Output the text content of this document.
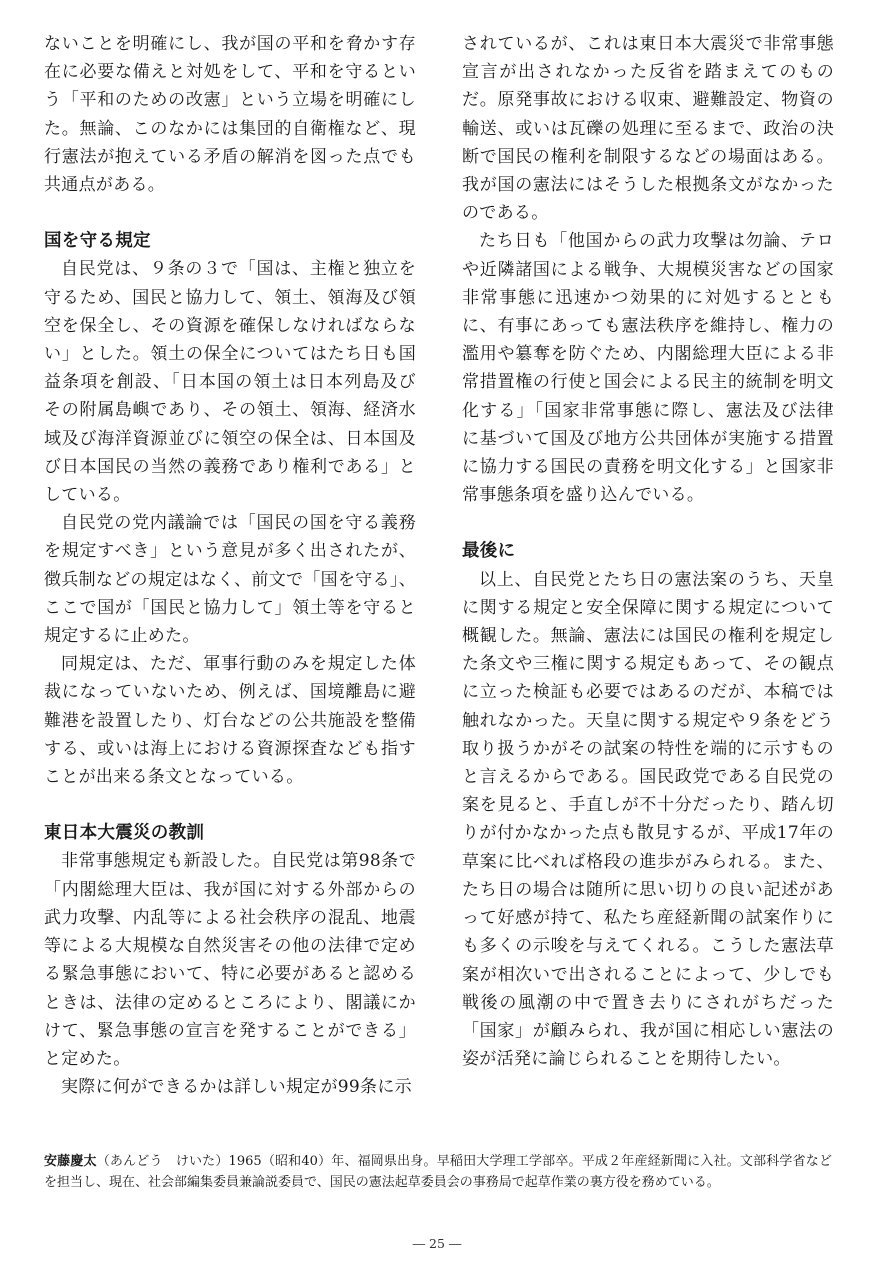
ないことを明確にし、我が国の平和を脅かす存在に必要な備えと対処をして、平和を守るという「平和のための改憲」という立場を明確にした。無論、このなかには集団的自衛権など、現行憲法が抱えている矛盾の解消を図った点でも共通点がある。

国を守る規定

自民党は、９条の３で「国は、主権と独立を守るため、国民と協力して、領土、領海及び領空を保全し、その資源を確保しなければならない」とした。領土の保全についてはたち日も国益条項を創設、「日本国の領土は日本列島及びその附属島嶼であり、その領土、領海、経済水域及び海洋資源並びに領空の保全は、日本国及び日本国民の当然の義務であり権利である」としている。

自民党の党内議論では「国民の国を守る義務を規定すべき」という意見が多く出されたが、徴兵制などの規定はなく、前文で「国を守る」、ここで国が「国民と協力して」領土等を守ると規定するに止めた。

同規定は、ただ、軍事行動のみを規定した体裁になっていないため、例えば、国境離島に避難港を設置したり、灯台などの公共施設を整備する、或いは海上における資源探査なども指すことが出来る条文となっている。

東日本大震災の教訓

非常事態規定も新設した。自民党は第98条で「内閣総理大臣は、我が国に対する外部からの武力攻撃、内乱等による社会秩序の混乱、地震等による大規模な自然災害その他の法律で定める緊急事態において、特に必要があると認めるときは、法律の定めるところにより、閣議にかけて、緊急事態の宣言を発することができる」と定めた。

実際に何ができるかは詳しい規定が99条に示

されているが、これは東日本大震災で非常事態宣言が出されなかった反省を踏まえてのものだ。原発事故における収束、避難設定、物資の輸送、或いは瓦礫の処理に至るまで、政治の決断で国民の権利を制限するなどの場面はある。我が国の憲法にはそうした根拠条文がなかったのである。

たち日も「他国からの武力攻撃は勿論、テロや近隣諸国による戦争、大規模災害などの国家非常事態に迅速かつ効果的に対処するとともに、有事にあっても憲法秩序を維持し、権力の濫用や簒奪を防ぐため、内閣総理大臣による非常措置権の行使と国会による民主的統制を明文化する」「国家非常事態に際し、憲法及び法律に基づいて国及び地方公共団体が実施する措置に協力する国民の責務を明文化する」と国家非常事態条項を盛り込んでいる。

最後に

以上、自民党とたち日の憲法案のうち、天皇に関する規定と安全保障に関する規定について概観した。無論、憲法には国民の権利を規定した条文や三権に関する規定もあって、その観点に立った検証も必要ではあるのだが、本稿では触れなかった。天皇に関する規定や９条をどう取り扱うかがその試案の特性を端的に示すものと言えるからである。国民政党である自民党の案を見ると、手直しが不十分だったり、踏ん切りが付かなかった点も散見するが、平成17年の草案に比べれば格段の進歩がみられる。また、たち日の場合は随所に思い切りの良い記述があって好感が持て、私たち産経新聞の試案作りにも多くの示唆を与えてくれる。こうした憲法草案が相次いで出されることによって、少しでも戦後の風潮の中で置き去りにされがちだった「国家」が顧みられ、我が国に相応しい憲法の姿が活発に論じられることを期待したい。

安藤慶太（あんどう　けいた）1965（昭和40）年、福岡県出身。早稲田大学理工学部卒。平成２年産経新聞に入社。文部科学省などを担当し、現在、社会部編集委員兼論説委員で、国民の憲法起草委員会の事務局で起草作業の裏方役を務めている。
― 25 ―
